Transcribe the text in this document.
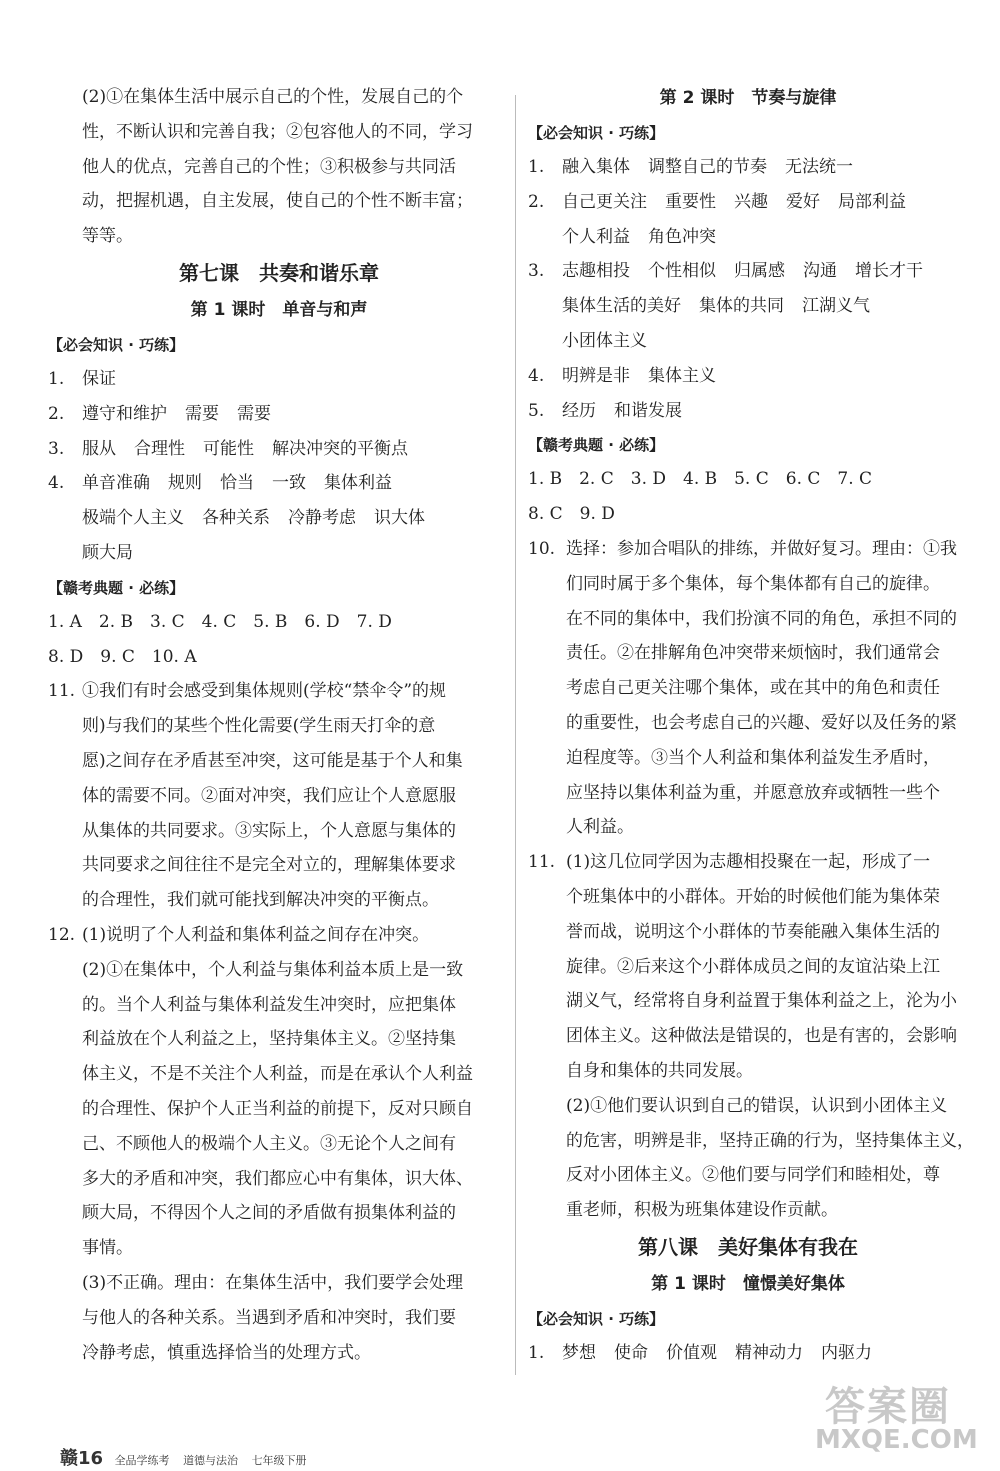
(2)①在集体生活中展示自己的个性，发展自己的个
性，不断认识和完善自我；②包容他人的不同，学习
他人的优点，完善自己的个性；③积极参与共同活
动，把握机遇，自主发展，使自己的个性不断丰富；
等等。
第七课　共奏和谐乐章
第 1 课时　单音与和声
【必会知识 · 巧练】
1. 保证
2. 遵守和维护 需要 需要
3. 服从 合理性 可能性 解决冲突的平衡点
4. 单音准确 规则 恰当 一致 集体利益
极端个人主义 各种关系 冷静考虑 识大体
顾大局
【赣考典题 · 必练】
1. A　2. B　3. C　4. C　5. B　6. D　7. D
8. D　9. C　10. A
11. ①我们有时会感受到集体规则(学校“禁伞令”的规
则)与我们的某些个性化需要(学生雨天打伞的意
愿)之间存在矛盾甚至冲突，这可能是基于个人和集
体的需要不同。②面对冲突，我们应让个人意愿服
从集体的共同要求。③实际上，个人意愿与集体的
共同要求之间往往不是完全对立的，理解集体要求
的合理性，我们就可能找到解决冲突的平衡点。
12. (1)说明了个人利益和集体利益之间存在冲突。
(2)①在集体中，个人利益与集体利益本质上是一致
的。当个人利益与集体利益发生冲突时，应把集体
利益放在个人利益之上，坚持集体主义。②坚持集
体主义，不是不关注个人利益，而是在承认个人利益
的合理性、保护个人正当利益的前提下，反对只顾自
己、不顾他人的极端个人主义。③无论个人之间有
多大的矛盾和冲突，我们都应心中有集体，识大体、
顾大局，不得因个人之间的矛盾做有损集体利益的
事情。
(3)不正确。理由：在集体生活中，我们要学会处理
与他人的各种关系。当遇到矛盾和冲突时，我们要
冷静考虑，慎重选择恰当的处理方式。
第 2 课时　节奏与旋律
【必会知识 · 巧练】
1. 融入集体 调整自己的节奏 无法统一
2. 自己更关注 重要性 兴趣 爱好 局部利益
个人利益 角色冲突
3. 志趣相投 个性相似 归属感 沟通 增长才干
集体生活的美好 集体的共同 江湖义气
小团体主义
4. 明辨是非 集体主义
5. 经历 和谐发展
【赣考典题 · 必练】
1. B　2. C　3. D　4. B　5. C　6. C　7. C
8. C　9. D
10. 选择：参加合唱队的排练，并做好复习。理由：①我
们同时属于多个集体，每个集体都有自己的旋律。
在不同的集体中，我们扮演不同的角色，承担不同的
责任。②在排解角色冲突带来烦恼时，我们通常会
考虑自己更关注哪个集体，或在其中的角色和责任
的重要性，也会考虑自己的兴趣、爱好以及任务的紧
迫程度等。③当个人利益和集体利益发生矛盾时，
应坚持以集体利益为重，并愿意放弃或牺牲一些个
人利益。
11. (1)这几位同学因为志趣相投聚在一起，形成了一
个班集体中的小群体。开始的时候他们能为集体荣
誉而战，说明这个小群体的节奏能融入集体生活的
旋律。②后来这个小群体成员之间的友谊沾染上江
湖义气，经常将自身利益置于集体利益之上，沦为小
团体主义。这种做法是错误的，也是有害的，会影响
自身和集体的共同发展。
(2)①他们要认识到自己的错误，认识到小团体主义
的危害，明辨是非，坚持正确的行为，坚持集体主义，
反对小团体主义。②他们要与同学们和睦相处，尊
重老师，积极为班集体建设作贡献。
第八课　美好集体有我在
第 1 课时　憧憬美好集体
【必会知识 · 巧练】
1. 梦想 使命 价值观 精神动力 内驱力
赣16 全品学练考 道德与法治 七年级下册
答案圈
MXQE.COM
